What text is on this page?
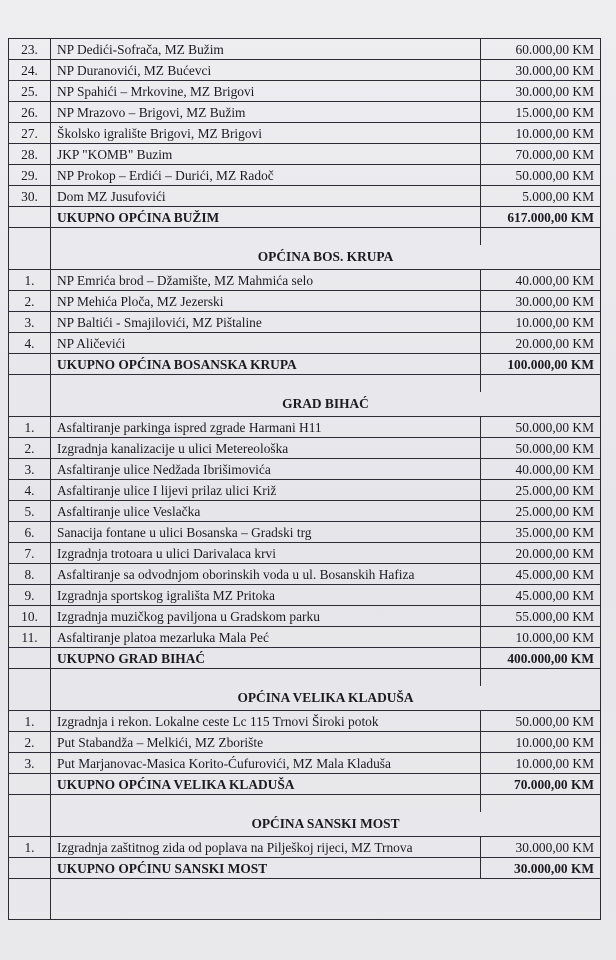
23.	NP Dedići-Sofrača, MZ Bužim	60.000,00 KM
24.	NP Duranovići, MZ Bućevci	30.000,00 KM
25.	NP Spahići – Mrkovine, MZ Brigovi	30.000,00 KM
26.	NP Mrazovo – Brigovi, MZ Bužim	15.000,00 KM
27.	Školsko igralište Brigovi, MZ Brigovi	10.000,00 KM
28.	JKP "KOMB" Buzim	70.000,00 KM
29.	NP Prokop – Erdići – Durići, MZ Radoč	50.000,00 KM
30.	Dom MZ Jusufovići	5.000,00 KM
	UKUPNO OPĆINA BUŽIM	617.000,00 KM

	OPĆINA BOS. KRUPA	
1.	NP Emrića brod – Džamište, MZ Mahmića selo	40.000,00 KM
2.	NP Mehića Ploča, MZ Jezerski	30.000,00 KM
3.	NP Baltići - Smajilovići, MZ Pištaline	10.000,00 KM
4.	NP Aličevići	20.000,00 KM
	UKUPNO OPĆINA BOSANSKA KRUPA	100.000,00 KM

	GRAD BIHAĆ	
1.	Asfaltiranje parkinga ispred zgrade Harmani H11	50.000,00 KM
2.	Izgradnja kanalizacije u ulici Metereološka	50.000,00 KM
3.	Asfaltiranje ulice Nedžada Ibrišimovića	40.000,00 KM
4.	Asfaltiranje ulice I lijevi prilaz ulici Križ	25.000,00 KM
5.	Asfaltiranje ulice Veslačka	25.000,00 KM
6.	Sanacija fontane u ulici Bosanska – Gradski trg	35.000,00 KM
7.	Izgradnja trotoara u ulici Darivalaca krvi	20.000,00 KM
8.	Asfaltiranje sa odvodnjom oborinskih voda u ul. Bosanskih Hafiza	45.000,00 KM
9.	Izgradnja sportskog igrališta MZ Pritoka	45.000,00 KM
10.	Izgradnja muzičkog paviljona u Gradskom parku	55.000,00 KM
11.	Asfaltiranje platoa mezarluka Mala Peć	10.000,00 KM
	UKUPNO GRAD BIHAĆ	400.000,00 KM

	OPĆINA VELIKA KLADUŠA	
1.	Izgradnja i rekon. Lokalne ceste Lc 115 Trnovi Široki potok	50.000,00 KM
2.	Put Stabandža – Melkići, MZ Zborište	10.000,00 KM
3.	Put Marjanovac-Masica Korito-Ćufurovići, MZ Mala Kladuša	10.000,00 KM
	UKUPNO OPĆINA VELIKA KLADUŠA	70.000,00 KM

	OPĆINA SANSKI MOST	
1.	Izgradnja zaštitnog zida od poplava na Pilješkoj rijeci, MZ Trnova	30.000,00 KM
	UKUPNO OPĆINU SANSKI MOST	30.000,00 KM
